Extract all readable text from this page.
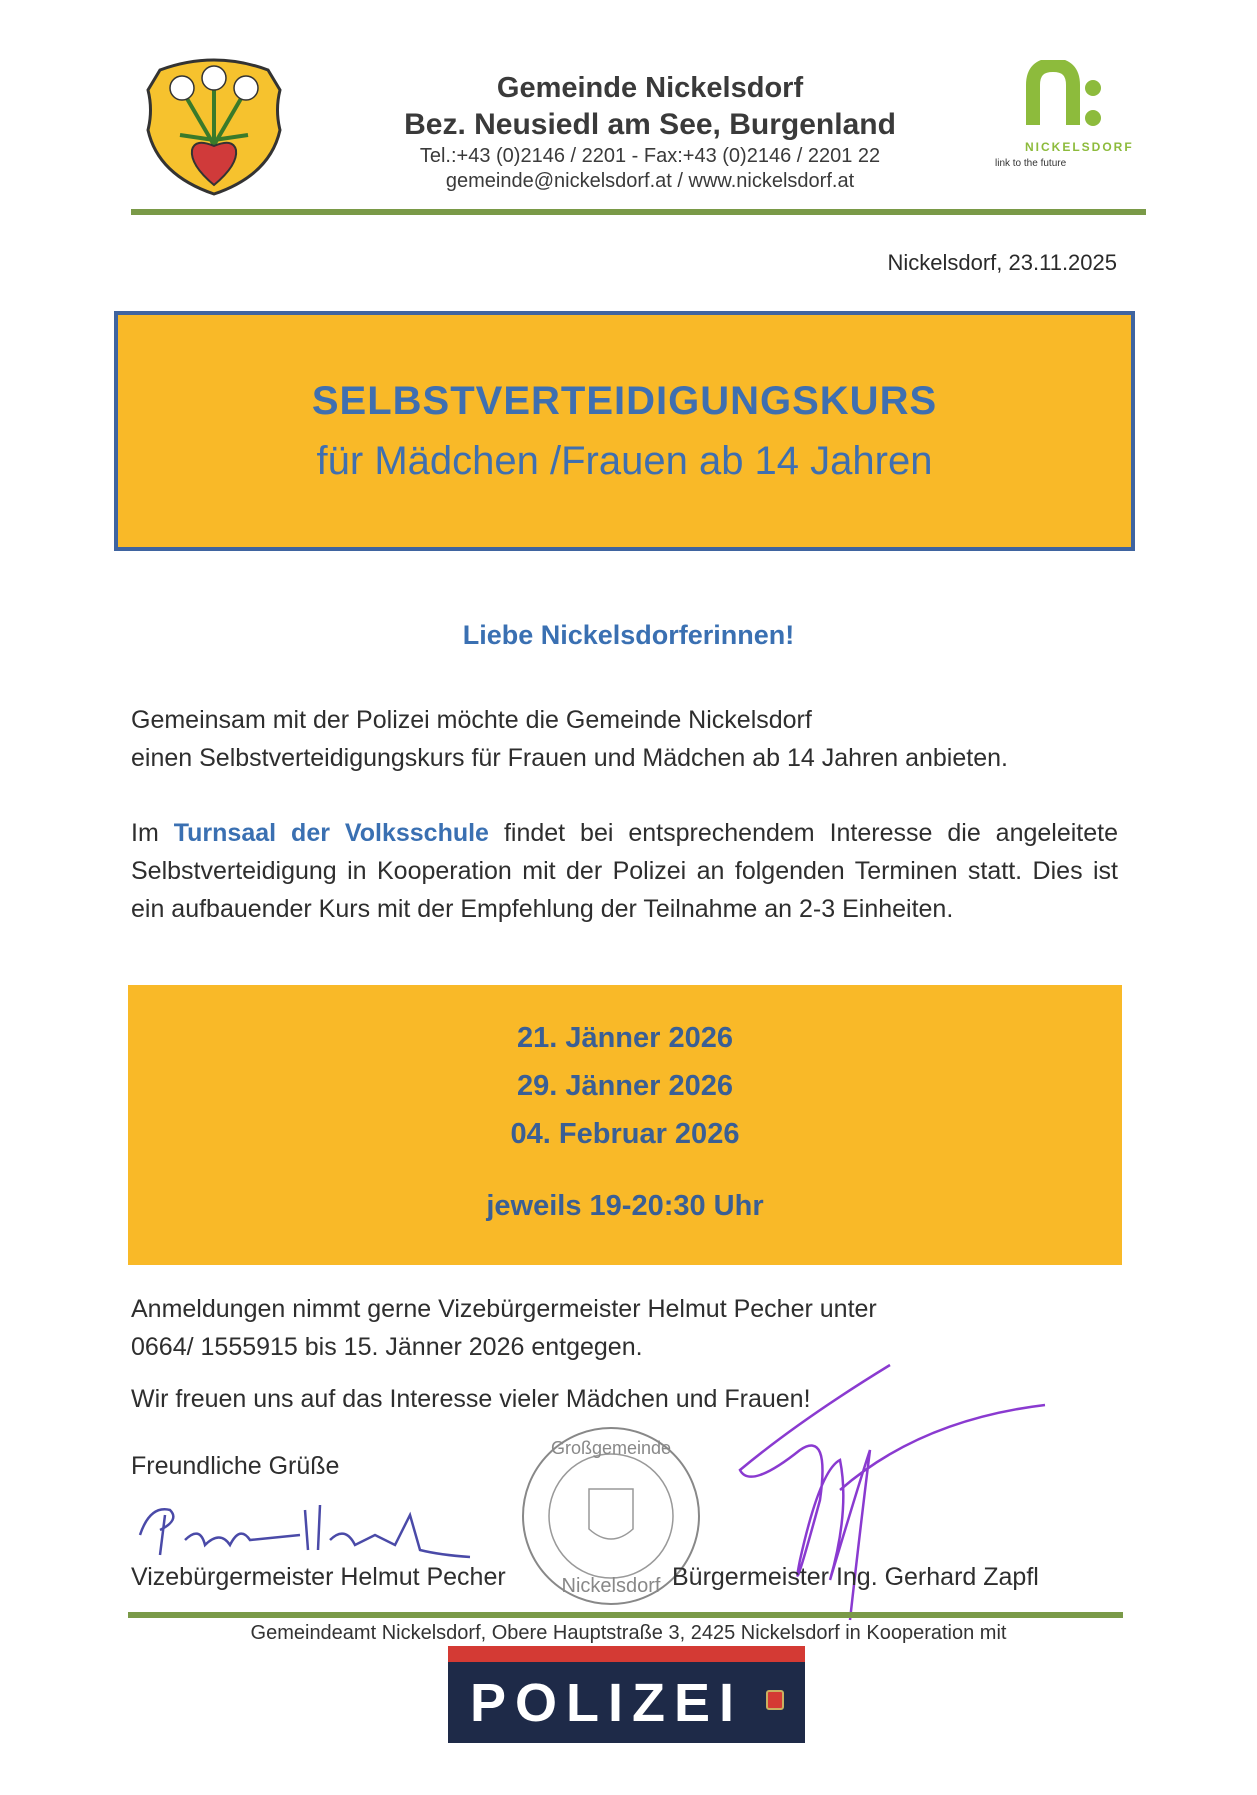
Gemeinde Nickelsdorf
Bez. Neusiedl am See, Burgenland
Tel.:+43 (0)2146 / 2201 - Fax:+43 (0)2146 / 2201 22
gemeinde@nickelsdorf.at / www.nickelsdorf.at
NICKELSDORF
link to the future
Nickelsdorf, 23.11.2025
SELBSTVERTEIDIGUNGSKURS
für Mädchen /Frauen ab 14 Jahren
Liebe Nickelsdorferinnen!
Gemeinsam mit der Polizei möchte die Gemeinde Nickelsdorf
einen Selbstverteidigungskurs für Frauen und Mädchen ab 14 Jahren anbieten.
Im Turnsaal der Volksschule findet bei entsprechendem Interesse die angeleitete Selbstverteidigung in Kooperation mit der Polizei an folgenden Terminen statt. Dies ist ein aufbauender Kurs mit der Empfehlung der Teilnahme an 2-3 Einheiten.
21. Jänner 2026
29. Jänner 2026
04. Februar 2026
jeweils 19-20:30 Uhr
Anmeldungen nimmt gerne Vizebürgermeister Helmut Pecher unter
0664/ 1555915 bis 15. Jänner 2026 entgegen.
Wir freuen uns auf das Interesse vieler Mädchen und Frauen!
Freundliche Grüße
Nickelsdorf
Großgemeinde
Vizebürgermeister Helmut Pecher	Bürgermeister Ing. Gerhard Zapfl
Gemeindeamt Nickelsdorf, Obere Hauptstraße 3, 2425 Nickelsdorf in Kooperation mit
POLIZEI
